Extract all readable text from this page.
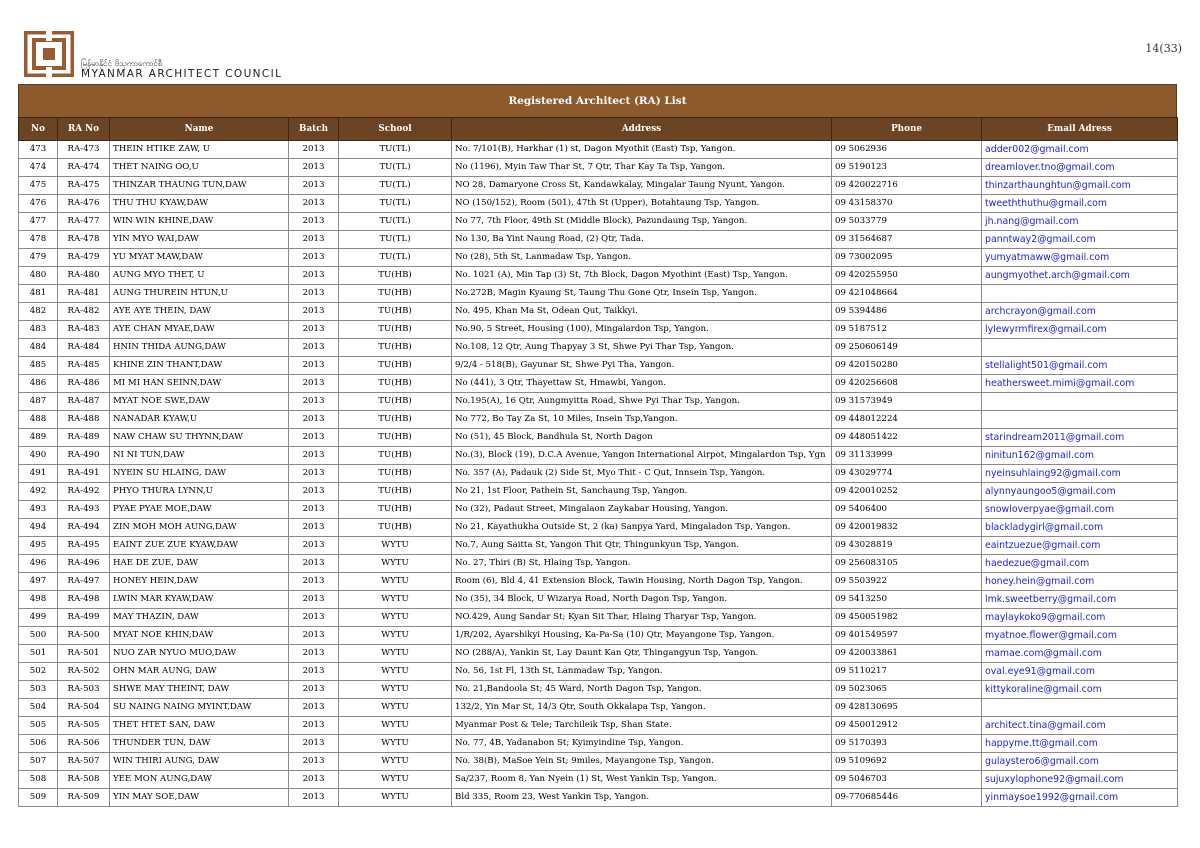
မြန်မာနိုင်ငံ ဗိသုကာကောင်စီ
MYANMAR ARCHITECT COUNCIL
14(33)
Registered Architect (RA) List
No	RA No	Name	Batch	School	Address	Phone	Email Adress
473	RA-473	THEIN HTIKE ZAW, U	2013	TU(TL)	No. 7/101(B), Harkhar (1) st, Dagon Myothit (East) Tsp, Yangon.	09 5062936	adder002@gmail.com
474	RA-474	THET NAING OO,U	2013	TU(TL)	No (1196), Myin Taw Thar St, 7 Qtr, Thar Kay Ta Tsp, Yangon.	09 5190123	dreamlover.tno@gmail.com
475	RA-475	THINZAR THAUNG TUN,DAW	2013	TU(TL)	NO 28, Damaryone Cross St, Kandawkalay, Mingalar Taung Nyunt, Yangon.	09 420022716	thinzarthaunghtun@gmail.com
476	RA-476	THU THU KYAW,DAW	2013	TU(TL)	NO (150/152), Room (501), 47th St (Upper), Botahtaung Tsp, Yangon.	09 43158370	tweeththuthu@gmail.com
477	RA-477	WIN WIN KHINE,DAW	2013	TU(TL)	No 77, 7th Floor, 49th St (Middle Block), Pazundaung Tsp, Yangon.	09 5033779	jh.nang@gmail.com
478	RA-478	YIN MYO WAI,DAW	2013	TU(TL)	No 130, Ba Yint Naung Road, (2) Qtr, Tada.	09 31564687	panntway2@gmail.com
479	RA-479	YU MYAT MAW,DAW	2013	TU(TL)	No (28), 5th St, Lanmadaw Tsp, Yangon.	09 73002095	yumyatmaww@gmail.com
480	RA-480	AUNG MYO THET, U	2013	TU(HB)	No. 1021 (A), Min Tap (3) St, 7th Block, Dagon Myothint (East) Tsp, Yangon.	09 420255950	aungmyothet.arch@gmail.com
481	RA-481	AUNG THUREIN HTUN,U	2013	TU(HB)	No.272B, Magin Kyaung St, Taung Thu Gone Qtr, Insein Tsp, Yangon.	09 421048664	
482	RA-482	AYE AYE THEIN, DAW	2013	TU(HB)	No. 495, Khan Ma St, Odean Qut, Taikkyi.	09 5394486	archcrayon@gmail.com
483	RA-483	AYE CHAN MYAE,DAW	2013	TU(HB)	No.90, 5 Street, Housing (100), Mingalardon Tsp, Yangon.	09 5187512	lylewyrmfirex@gmail.com
484	RA-484	HNIN THIDA AUNG,DAW	2013	TU(HB)	No.108, 12 Qtr, Aung Thapyay 3 St, Shwe Pyi Thar Tsp, Yangon.	09 250606149	
485	RA-485	KHINE ZIN THANT,DAW	2013	TU(HB)	9/2/4 - 518(B), Gayunar St, Shwe Pyi Tha, Yangon.	09 420150280	stellalight501@gmail.com
486	RA-486	MI MI HAN SEINN,DAW	2013	TU(HB)	No (441), 3 Qtr, Thayettaw St, Hmawbi, Yangon.	09 420256608	heathersweet.mimi@gmail.com
487	RA-487	MYAT NOE SWE,DAW	2013	TU(HB)	No.195(A), 16 Qtr, Aungmyitta Road, Shwe Pyi Thar Tsp, Yangon.	09 31573949	
488	RA-488	NANADAR KYAW,U	2013	TU(HB)	No 772, Bo Tay Za St, 10 Miles, Insein Tsp,Yangon.	09 448012224	
489	RA-489	NAW CHAW SU THYNN,DAW	2013	TU(HB)	No (51), 45 Block, Bandhula St, North Dagon	09 448051422	starindream2011@gmail.com
490	RA-490	NI NI TUN,DAW	2013	TU(HB)	No.(3), Block (19), D.C.A Avenue, Yangon International Airpot, Mingalardon Tsp, Ygn	09 31133999	ninitun162@gmail.com
491	RA-491	NYEIN SU HLAING, DAW	2013	TU(HB)	No. 357 (A), Padauk (2) Side St, Myo Thit - C Qut, Innsein Tsp, Yangon.	09 43029774	nyeinsuhlaing92@gmail.com
492	RA-492	PHYO THURA LYNN,U	2013	TU(HB)	No 21, 1st Floor, Pathein St, Sanchaung Tsp, Yangon.	09 420010252	alynnyaungoo5@gmail.com
493	RA-493	PYAE PYAE MOE,DAW	2013	TU(HB)	No (32), Padaut Street, Mingalaon Zaykabar Housing, Yangon.	09 5406400	snowloverpyae@gmail.com
494	RA-494	ZIN MOH MOH AUNG,DAW	2013	TU(HB)	No 21, Kayathukha Outside St, 2 (ka) Sanpya Yard, Mingaladon Tsp, Yangon.	09 420019832	blackladygirl@gmail.com
495	RA-495	EAINT ZUE ZUE KYAW,DAW	2013	WYTU	No.7, Aung Saitta St, Yangon Thit Qtr, Thingunkyun Tsp, Yangon.	09 43028819	eaintzuezue@gmail.com
496	RA-496	HAE DE ZUE, DAW	2013	WYTU	No. 27, Thiri (B) St, Hlaing Tsp, Yangon.	09 256083105	haedezue@gmail.com
497	RA-497	HONEY HEIN,DAW	2013	WYTU	Room (6), Bld 4, 41 Extension Block, Tawin Housing, North Dagon Tsp, Yangon.	09 5503922	honey.hein@gmail.com
498	RA-498	LWIN MAR KYAW,DAW	2013	WYTU	No (35), 34 Block, U Wizarya Road, North Dagon Tsp, Yangon.	09 5413250	lmk.sweetberry@gmail.com
499	RA-499	MAY THAZIN, DAW	2013	WYTU	NO.429, Aung Sandar St; Kyan Sit Thar, Hlaing Tharyar Tsp, Yangon.	09 450051982	maylaykoko9@gmail.com
500	RA-500	MYAT NOE KHIN,DAW	2013	WYTU	1/R/202, Ayarshikyi Housing, Ka-Pa-Sa (10) Qtr, Mayangone Tsp, Yangon.	09 401549597	myatnoe.flower@gmail.com
501	RA-501	NUO ZAR NYUO MUO,DAW	2013	WYTU	NO (288/A), Yankin St, Lay Daunt Kan Qtr, Thingangyun Tsp, Yangon.	09 420033861	mamae.com@gmail.com
502	RA-502	OHN MAR AUNG, DAW	2013	WYTU	No. 56, 1st Fl, 13th St, Lanmadaw Tsp, Yangon.	09 5110217	oval.eye91@gmail.com
503	RA-503	SHWE MAY THEINT, DAW	2013	WYTU	No. 21,Bandoola St; 45 Ward, North Dagon Tsp, Yangon.	09 5023065	kittykoraline@gmail.com
504	RA-504	SU NAING NAING MYINT,DAW	2013	WYTU	132/2, Yin Mar St, 14/3 Qtr, South Okkalapa Tsp, Yangon.	09 428130695	
505	RA-505	THET HTET SAN, DAW	2013	WYTU	Myanmar Post & Tele; Tarchileik Tsp, Shan State.	09 450012912	architect.tina@gmail.com
506	RA-506	THUNDER TUN, DAW	2013	WYTU	No. 77, 4B, Yadanabon St; Kyimyindine Tsp, Yangon.	09 5170393	happyme.tt@gmail.com
507	RA-507	WIN THIRI AUNG, DAW	2013	WYTU	No. 38(B), MaSoe Yein St; 9miles, Mayangone Tsp, Yangon.	09 5109692	gulaystero6@gmail.com
508	RA-508	YEE MON AUNG,DAW	2013	WYTU	Sa/237, Room 8, Yan Nyein (1) St, West Yankin Tsp, Yangon.	09 5046703	sujuxylophone92@gmail.com
509	RA-509	YIN MAY SOE,DAW	2013	WYTU	Bld 335, Room 23, West Yankin Tsp, Yangon.	09-770685446	yinmaysoe1992@gmail.com
